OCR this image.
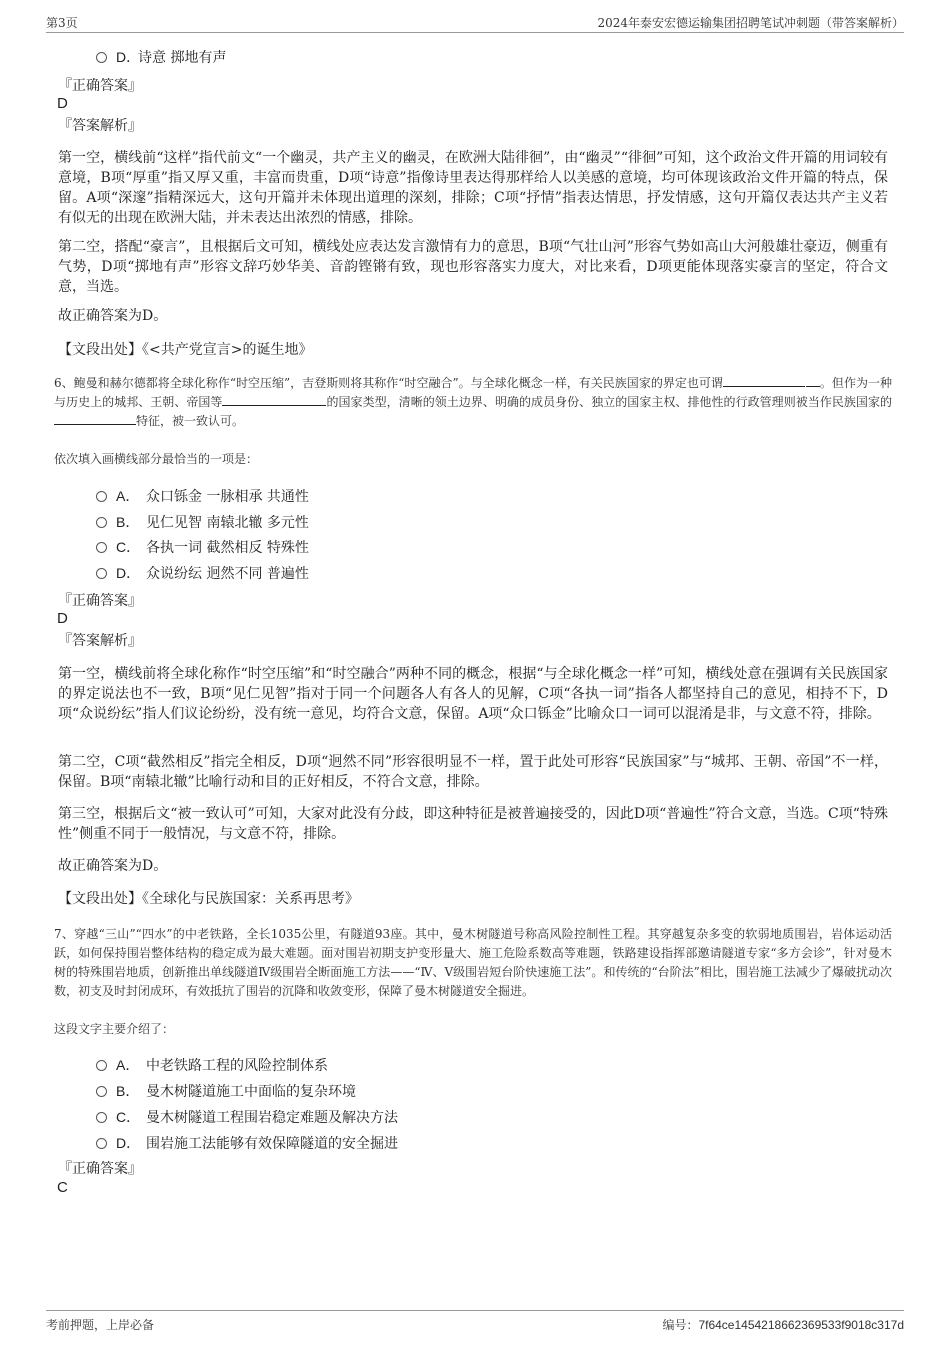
第3页	2024年泰安宏德运输集团招聘笔试冲刺题（带答案解析）
D．诗意 掷地有声
『正确答案』
D
『答案解析』
第一空，横线前“这样”指代前文“一个幽灵，共产主义的幽灵，在欧洲大陆徘徊”，由“幽灵”“徘徊”可知，这个政治文件开篇的用词较有意境，B项“厚重”指又厚又重，丰富而贵重，D项“诗意”指像诗里表达得那样给人以美感的意境，均可体现该政治文件开篇的特点，保留。A项“深邃”指精深远大，这句开篇并未体现出道理的深刻，排除；C项“抒情”指表达情思，抒发情感，这句开篇仅表达共产主义若有似无的出现在欧洲大陆，并未表达出浓烈的情感，排除。
第二空，搭配“豪言”，且根据后文可知，横线处应表达发言激情有力的意思，B项“气壮山河”形容气势如高山大河般雄壮豪迈，侧重有气势，D项“掷地有声”形容文辞巧妙华美、音韵铿锵有致，现也形容落实力度大，对比来看，D项更能体现落实豪言的坚定，符合文意，当选。
故正确答案为D。
【文段出处】《<共产党宣言>的诞生地》
6、鲍曼和赫尔德都将全球化称作“时空压缩”，吉登斯则将其称作“时空融合”。与全球化概念一样，有关民族国家的界定也可谓	。但作为一种与历史上的城邦、王朝、帝国等	的国家类型，清晰的领土边界、明确的成员身份、独立的国家主权、排他性的行政管理则被当作民族国家的特征，被一致认可。
依次填入画横线部分最恰当的一项是：
A． 众口铄金 一脉相承 共通性
B． 见仁见智 南辕北辙 多元性
C． 各执一词 截然相反 特殊性
D． 众说纷纭 迥然不同 普遍性
『正确答案』
D
『答案解析』
第一空，横线前将全球化称作“时空压缩”和“时空融合”两种不同的概念，根据“与全球化概念一样”可知，横线处意在强调有关民族国家的界定说法也不一致，B项“见仁见智”指对于同一个问题各人有各人的见解，C项“各执一词”指各人都坚持自己的意见，相持不下，D项“众说纷纭”指人们议论纷纷，没有统一意见，均符合文意，保留。A项“众口铄金”比喻众口一词可以混淆是非，与文意不符，排除。
第二空，C项“截然相反”指完全相反，D项“迥然不同”形容很明显不一样，置于此处可形容“民族国家”与“城邦、王朝、帝国”不一样，保留。B项“南辕北辙”比喻行动和目的正好相反，不符合文意，排除。
第三空，根据后文“被一致认可”可知，大家对此没有分歧，即这种特征是被普遍接受的，因此D项“普遍性”符合文意，当选。C项“特殊性”侧重不同于一般情况，与文意不符，排除。
故正确答案为D。
【文段出处】《全球化与民族国家：关系再思考》
7、穿越“三山”“四水”的中老铁路，全长1035公里，有隧道93座。其中，曼木树隧道号称高风险控制性工程。其穿越复杂多变的软弱地质围岩，岩体运动活跃，如何保持围岩整体结构的稳定成为最大难题。面对围岩初期支护变形量大、施工危险系数高等难题，铁路建设指挥部邀请隧道专家“多方会诊”，针对曼木树的特殊围岩地质，创新推出单线隧道Ⅳ级围岩全断面施工方法——“Ⅳ、Ⅴ级围岩短台阶快速施工法”。和传统的“台阶法”相比，围岩施工法减少了爆破扰动次数，初支及时封闭成环，有效抵抗了围岩的沉降和收敛变形，保障了曼木树隧道安全掘进。
这段文字主要介绍了：
A． 中老铁路工程的风险控制体系
B． 曼木树隧道施工中面临的复杂环境
C． 曼木树隧道工程围岩稳定难题及解决方法
D． 围岩施工法能够有效保障隧道的安全掘进
『正确答案』
C
考前押题，上岸必备	编号：7f64ce1454218662369533f9018c317d
